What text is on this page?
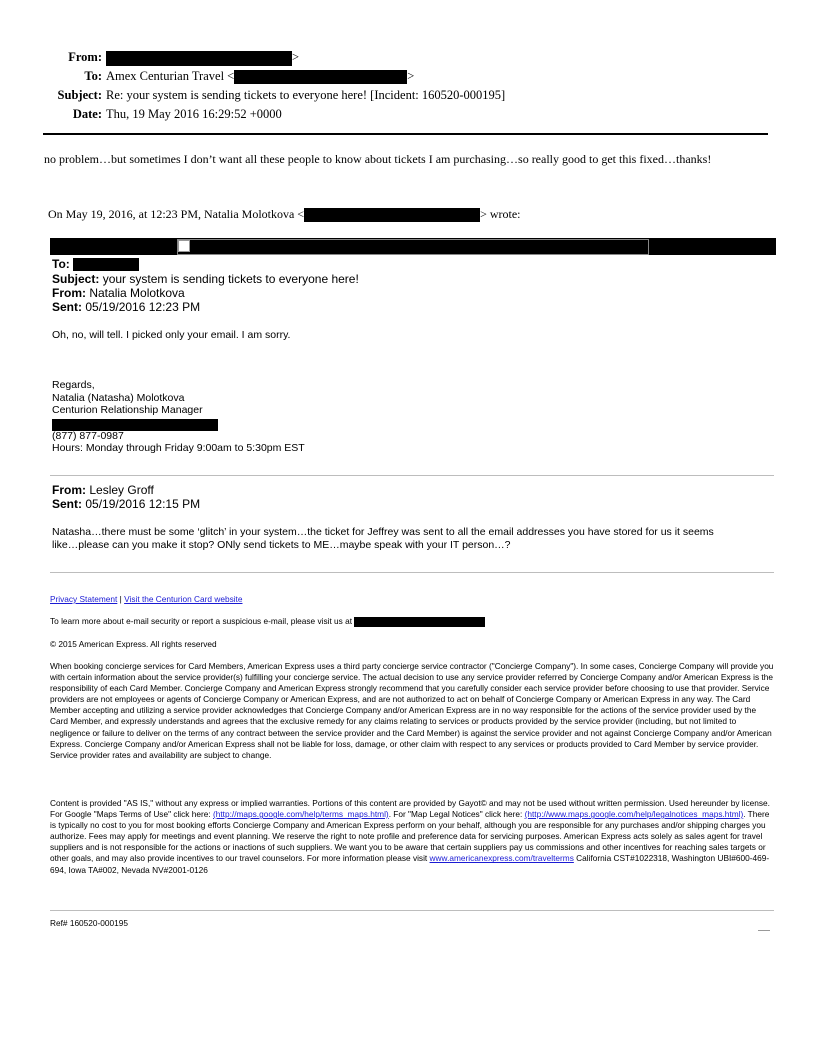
From:	>
To: Amex Centurian Travel <	>
Subject: Re: your system is sending tickets to everyone here! [Incident: 160520-000195]
Date: Thu, 19 May 2016 16:29:52 +0000
no problem…but sometimes I don’t want all these people to know about tickets I am purchasing…so really good to get this fixed…thanks!
On May 19, 2016, at 12:23 PM, Natalia Molotkova <	> wrote:
To:
Subject: your system is sending tickets to everyone here!
From: Natalia Molotkova
Sent: 05/19/2016 12:23 PM
Oh, no, will tell. I picked only your email. I am sorry.
Regards,
Natalia (Natasha) Molotkova
Centurion Relationship Manager
(877) 877-0987
Hours: Monday through Friday 9:00am to 5:30pm EST
From: Lesley Groff
Sent: 05/19/2016 12:15 PM
Natasha…there must be some ‘glitch’ in your system…the ticket for Jeffrey was sent to all the email addresses you have stored for us it seems
like…please can you make it stop? ONly send tickets to ME…maybe speak with your IT person…?
Privacy Statement | Visit the Centurion Card website
To learn more about e-mail security or report a suspicious e-mail, please visit us at
© 2015 American Express. All rights reserved
When booking concierge services for Card Members, American Express uses a third party concierge service contractor ("Concierge Company"). In some cases, Concierge Company will provide you with certain information about the service provider(s) fulfilling your concierge service. The actual decision to use any service provider referred by Concierge Company and/or American Express is the responsibility of each Card Member. Concierge Company and American Express strongly recommend that you carefully consider each service provider before choosing to use that provider. Service providers are not employees or agents of Concierge Company or American Express, and are not authorized to act on behalf of Concierge Company or American Express in any way. The Card Member accepting and utilizing a service provider acknowledges that Concierge Company and/or American Express are in no way responsible for the actions of the service provider used by the Card Member, and expressly understands and agrees that the exclusive remedy for any claims relating to services or products provided by the service provider (including, but not limited to negligence or failure to deliver on the terms of any contract between the service provider and the Card Member) is against the service provider and not against Concierge Company and/or American Express. Concierge Company and/or American Express shall not be liable for loss, damage, or other claim with respect to any services or products provided to Card Member by service provider. Service provider rates and availability are subject to change.

Content is provided "AS IS," without any express or implied warranties. Portions of this content are provided by Gayot© and may not be used without written permission. Used hereunder by license. For Google "Maps Terms of Use" click here: (http://maps.google.com/help/terms_maps.html). For "Map Legal Notices" click here: (http://www.maps.google.com/help/legalnotices_maps.html). There is typically no cost to you for most booking efforts Concierge Company and American Express perform on your behalf, although you are responsible for any purchases and/or shipping charges you authorize. Fees may apply for meetings and event planning. We reserve the right to note profile and preference data for servicing purposes. American Express acts solely as sales agent for travel suppliers and is not responsible for the actions or inactions of such suppliers. We want you to be aware that certain suppliers pay us commissions and other incentives for reaching sales targets or other goals, and may also provide incentives to our travel counselors. For more information please visit www.americanexpress.com/travelterms California CST#1022318, Washington UBI#600-469-694, Iowa TA#002, Nevada NV#2001-0126

Ref# 160520-000195
